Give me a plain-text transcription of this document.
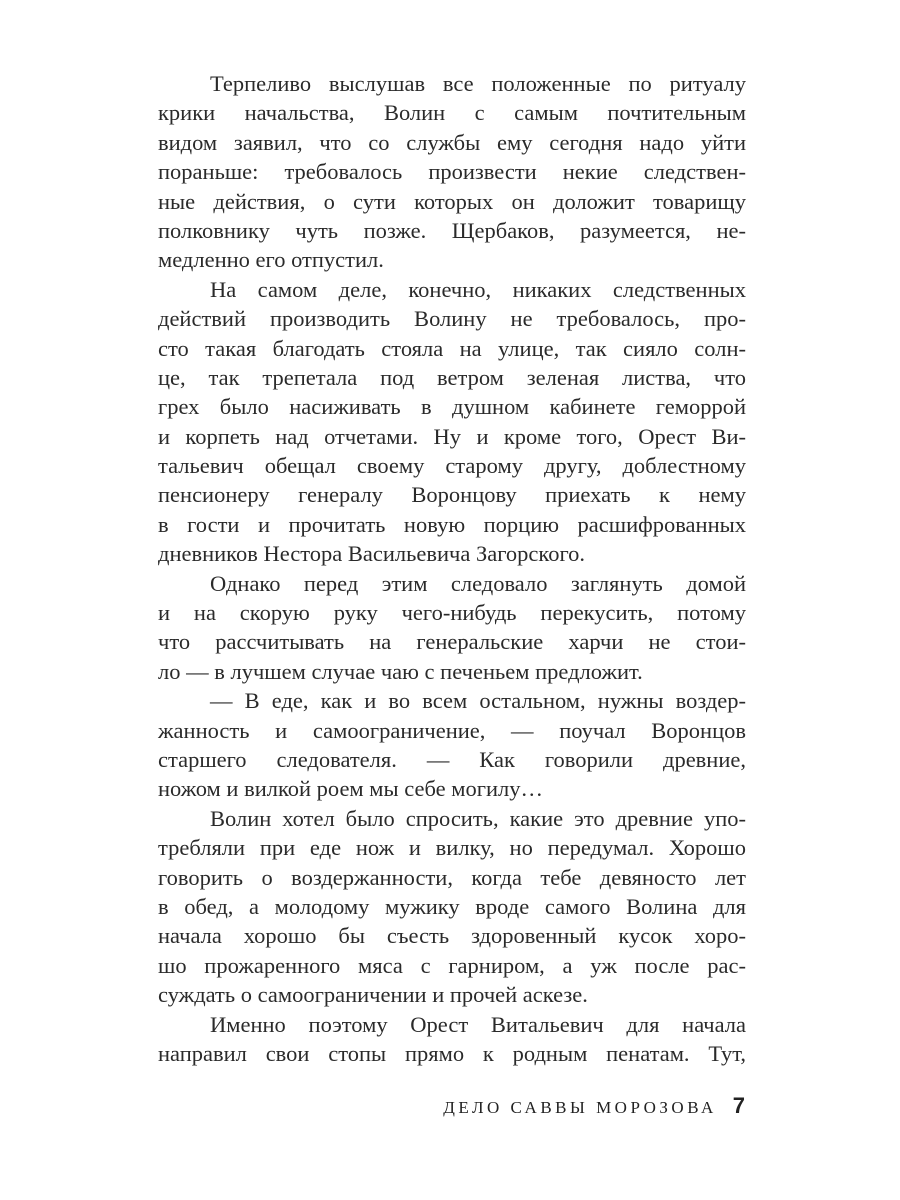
Терпеливо выслушав все положенные по ритуалу
крики начальства, Волин с самым почтительным
видом заявил, что со службы ему сегодня надо уйти
пораньше: требовалось произвести некие следствен-
ные действия, о сути которых он доложит товарищу
полковнику чуть позже. Щербаков, разумеется, не-
медленно его отпустил.
На самом деле, конечно, никаких следственных
действий производить Волину не требовалось, про-
сто такая благодать стояла на улице, так сияло солн-
це, так трепетала под ветром зеленая листва, что
грех было насиживать в душном кабинете геморрой
и корпеть над отчетами. Ну и кроме того, Орест Ви-
тальевич обещал своему старому другу, доблестному
пенсионеру генералу Воронцову приехать к нему
в гости и прочитать новую порцию расшифрованных
дневников Нестора Васильевича Загорского.
Однако перед этим следовало заглянуть домой
и на скорую руку чего-нибудь перекусить, потому
что рассчитывать на генеральские харчи не стои-
ло — в лучшем случае чаю с печеньем предложит.
— В еде, как и во всем остальном, нужны воздер-
жанность и самоограничение, — поучал Воронцов
старшего следователя. — Как говорили древние,
ножом и вилкой роем мы себе могилу…
Волин хотел было спросить, какие это древние упо-
требляли при еде нож и вилку, но передумал. Хорошо
говорить о воздержанности, когда тебе девяносто лет
в обед, а молодому мужику вроде самого Волина для
начала хорошо бы съесть здоровенный кусок хоро-
шо прожаренного мяса с гарниром, а уж после рас-
суждать о самоограничении и прочей аскезе.
Именно поэтому Орест Витальевич для начала
направил свои стопы прямо к родным пенатам. Тут,
ДЕЛО САВВЫ МОРОЗОВА 7
